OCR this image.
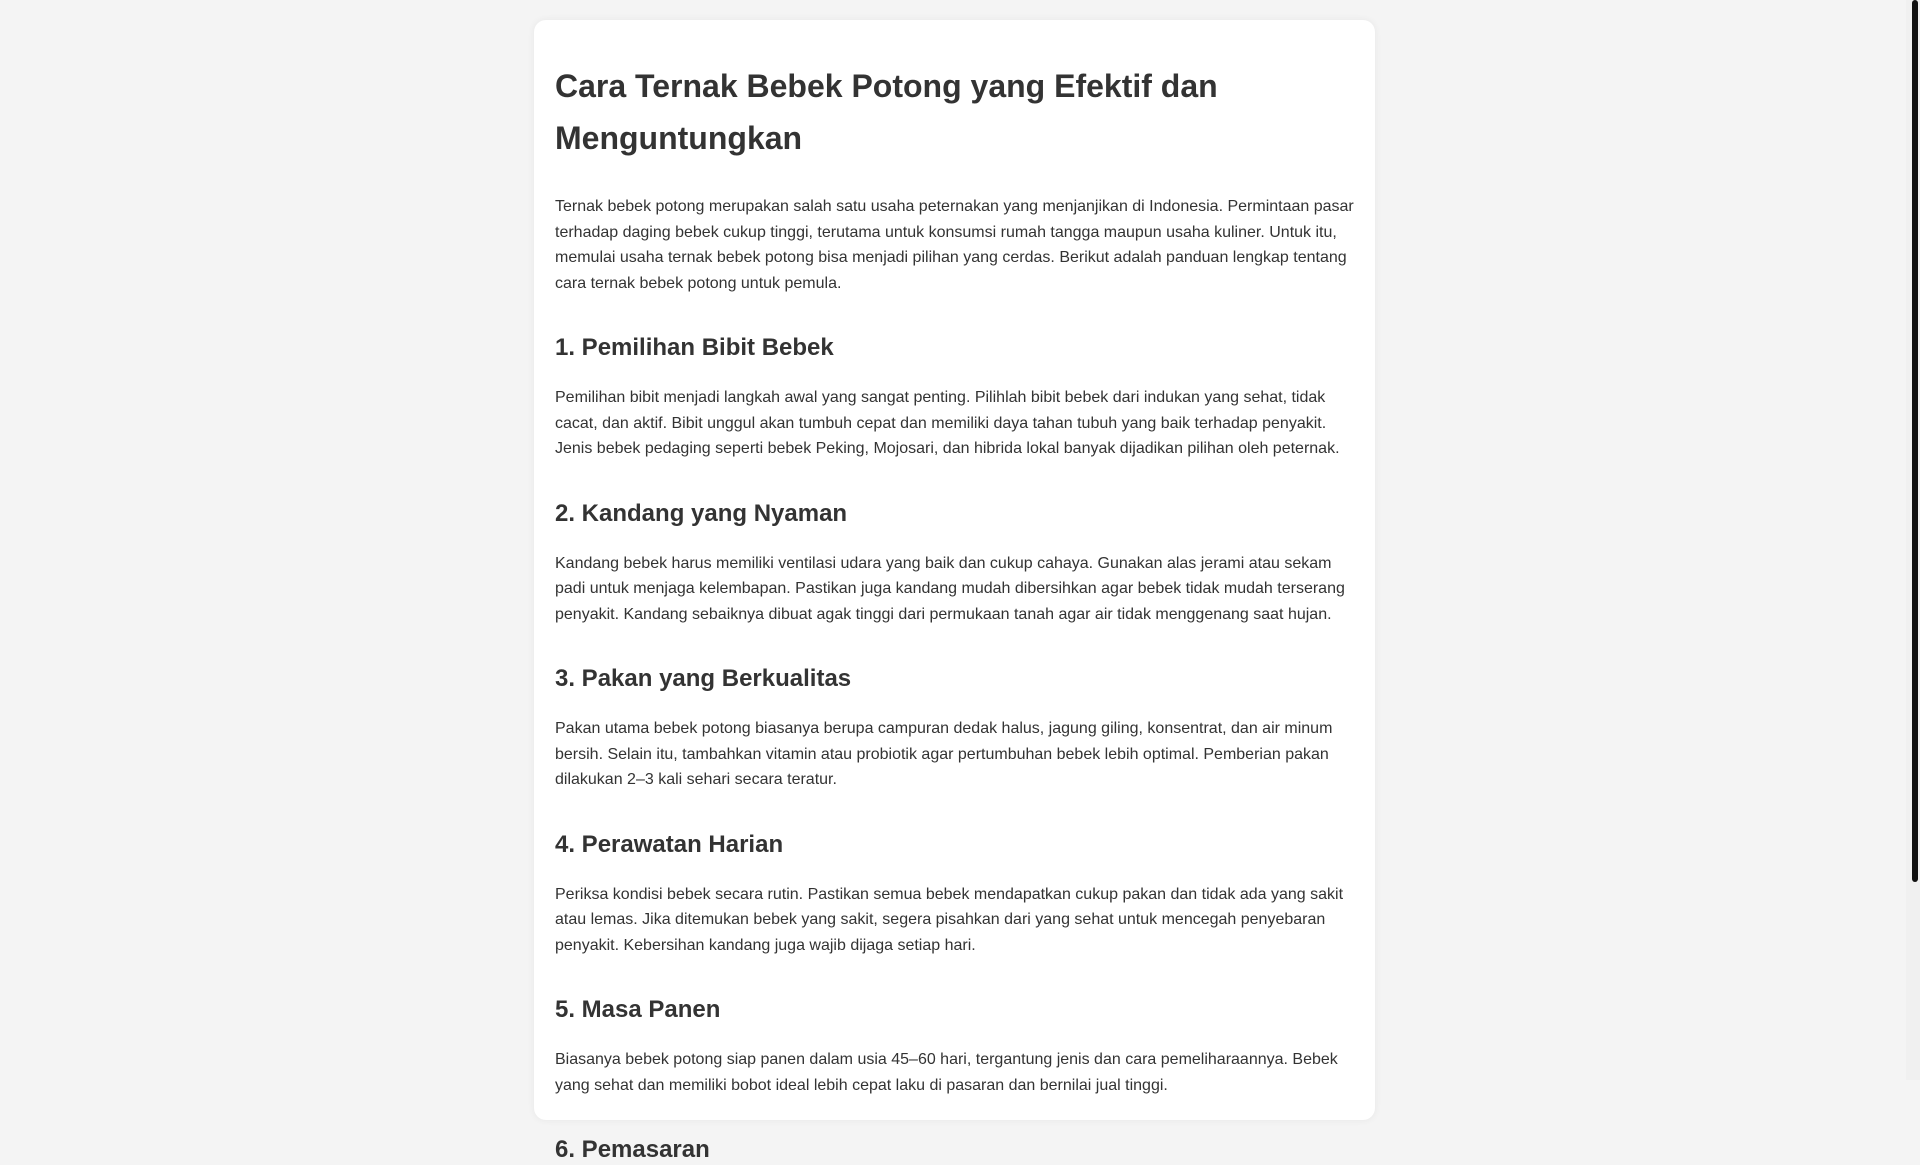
Cara Ternak Bebek Potong yang Efektif dan Menguntungkan

Ternak bebek potong merupakan salah satu usaha peternakan yang menjanjikan di Indonesia. Permintaan pasar terhadap daging bebek cukup tinggi, terutama untuk konsumsi rumah tangga maupun usaha kuliner. Untuk itu, memulai usaha ternak bebek potong bisa menjadi pilihan yang cerdas. Berikut adalah panduan lengkap tentang cara ternak bebek potong untuk pemula.

1. Pemilihan Bibit Bebek

Pemilihan bibit menjadi langkah awal yang sangat penting. Pilihlah bibit bebek dari indukan yang sehat, tidak cacat, dan aktif. Bibit unggul akan tumbuh cepat dan memiliki daya tahan tubuh yang baik terhadap penyakit. Jenis bebek pedaging seperti bebek Peking, Mojosari, dan hibrida lokal banyak dijadikan pilihan oleh peternak.

2. Kandang yang Nyaman

Kandang bebek harus memiliki ventilasi udara yang baik dan cukup cahaya. Gunakan alas jerami atau sekam padi untuk menjaga kelembapan. Pastikan juga kandang mudah dibersihkan agar bebek tidak mudah terserang penyakit. Kandang sebaiknya dibuat agak tinggi dari permukaan tanah agar air tidak menggenang saat hujan.

3. Pakan yang Berkualitas

Pakan utama bebek potong biasanya berupa campuran dedak halus, jagung giling, konsentrat, dan air minum bersih. Selain itu, tambahkan vitamin atau probiotik agar pertumbuhan bebek lebih optimal. Pemberian pakan dilakukan 2–3 kali sehari secara teratur.

4. Perawatan Harian

Periksa kondisi bebek secara rutin. Pastikan semua bebek mendapatkan cukup pakan dan tidak ada yang sakit atau lemas. Jika ditemukan bebek yang sakit, segera pisahkan dari yang sehat untuk mencegah penyebaran penyakit. Kebersihan kandang juga wajib dijaga setiap hari.

5. Masa Panen

Biasanya bebek potong siap panen dalam usia 45–60 hari, tergantung jenis dan cara pemeliharaannya. Bebek yang sehat dan memiliki bobot ideal lebih cepat laku di pasaran dan bernilai jual tinggi.

6. Pemasaran
